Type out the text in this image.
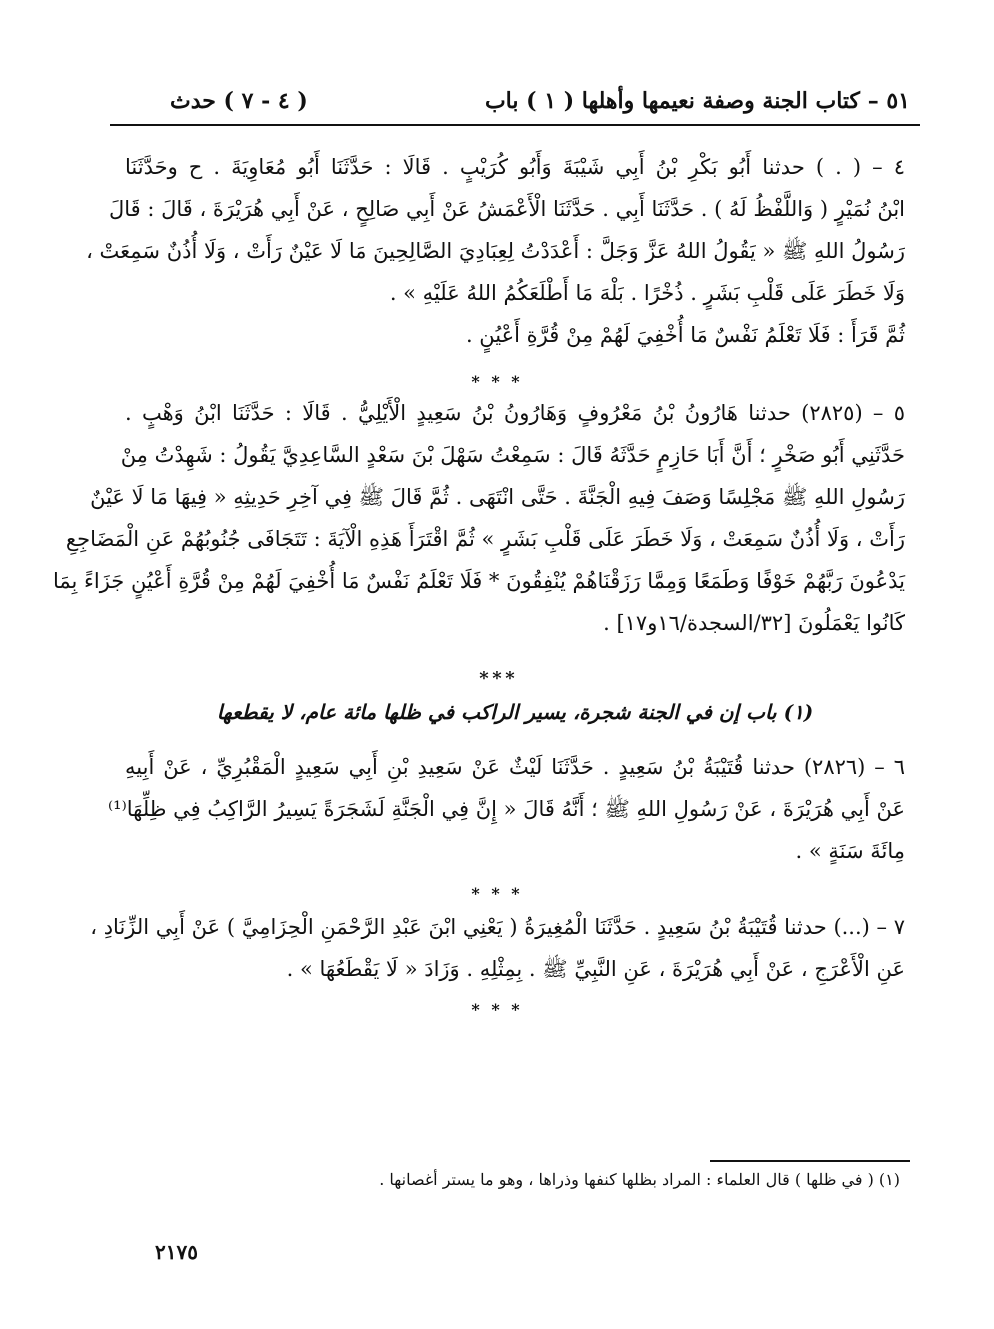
٥١ – كتاب الجنة وصفة نعيمها وأهلها ( ١ ) باب
( ٤ - ٧ ) حدث
٤ – ( . ) حدثنا أَبُو بَكْرِ بْنُ أَبِي شَيْبَةَ وَأَبُو كُرَيْبٍ . قَالَا : حَدَّثَنَا أَبُو مُعَاوِيَةَ . ح وحَدَّثَنَا
ابْنُ نُمَيْرٍ ( وَاللَّفْظُ لَهُ ) . حَدَّثَنَا أَبِي . حَدَّثَنَا الْأَعْمَشُ عَنْ أَبِي صَالِحٍ ، عَنْ أَبِي هُرَيْرَةَ ، قَالَ : قَالَ
رَسُولُ اللهِ ﷺ « يَقُولُ اللهُ عَزَّ وَجَلَّ : أَعْدَدْتُ لِعِبَادِيَ الصَّالِحِينَ مَا لَا عَيْنٌ رَأَتْ ، وَلَا أُذُنٌ سَمِعَتْ ،
وَلَا خَطَرَ عَلَى قَلْبِ بَشَرٍ . ذُخْرًا . بَلْهَ مَا أَطْلَعَكُمُ اللهُ عَلَيْهِ » .
ثُمَّ قَرَأَ : فَلَا تَعْلَمُ نَفْسٌ مَا أُخْفِيَ لَهُمْ مِنْ قُرَّةِ أَعْيُنٍ .
* * *
٥ – (٢٨٢٥) حدثنا هَارُونُ بْنُ مَعْرُوفٍ وَهَارُونُ بْنُ سَعِيدٍ الْأَيْلِيُّ . قَالَا : حَدَّثَنَا ابْنُ وَهْبٍ .
حَدَّثَنِي أَبُو صَخْرٍ ؛ أَنَّ أَبَا حَازِمٍ حَدَّثَهُ قَالَ : سَمِعْتُ سَهْلَ بْنَ سَعْدٍ السَّاعِدِيَّ يَقُولُ : شَهِدْتُ مِنْ
رَسُولِ اللهِ ﷺ مَجْلِسًا وَصَفَ فِيهِ الْجَنَّةَ . حَتَّى انْتَهَى . ثُمَّ قَالَ ﷺ فِي آخِرِ حَدِيثِهِ « فِيهَا مَا لَا عَيْنٌ
رَأَتْ ، وَلَا أُذُنٌ سَمِعَتْ ، وَلَا خَطَرَ عَلَى قَلْبِ بَشَرٍ » ثُمَّ اقْتَرَأَ هَذِهِ الْآيَةَ : تَتَجَافَى جُنُوبُهُمْ عَنِ الْمَضَاجِعِ
يَدْعُونَ رَبَّهُمْ خَوْفًا وَطَمَعًا وَمِمَّا رَزَقْنَاهُمْ يُنْفِقُونَ * فَلَا تَعْلَمُ نَفْسٌ مَا أُخْفِيَ لَهُمْ مِنْ قُرَّةِ أَعْيُنٍ جَزَاءً بِمَا
كَانُوا يَعْمَلُونَ [٣٢/السجدة/١٦و١٧] .
* * *
(١) باب إن في الجنة شجرة، يسير الراكب في ظلها مائة عام، لا يقطعها
٦ – (٢٨٢٦) حدثنا قُتَيْبَةُ بْنُ سَعِيدٍ . حَدَّثَنَا لَيْثٌ عَنْ سَعِيدِ بْنِ أَبِي سَعِيدٍ الْمَقْبُرِيِّ ، عَنْ أَبِيهِ
عَنْ أَبِي هُرَيْرَةَ ، عَنْ رَسُولِ اللهِ ﷺ ؛ أَنَّهُ قَالَ « إِنَّ فِي الْجَنَّةِ لَشَجَرَةً يَسِيرُ الرَّاكِبُ فِي ظِلِّهَا⁽¹⁾
مِائَةَ سَنَةٍ » .
* * *
٧ – (...) حدثنا قُتَيْبَةُ بْنُ سَعِيدٍ . حَدَّثَنَا الْمُغِيرَةُ ( يَعْنِي ابْنَ عَبْدِ الرَّحْمَنِ الْحِزَامِيَّ ) عَنْ أَبِي الزِّنَادِ ،
عَنِ الْأَعْرَجِ ، عَنْ أَبِي هُرَيْرَةَ ، عَنِ النَّبِيِّ ﷺ . بِمِثْلِهِ . وَزَادَ « لَا يَقْطَعُهَا » .
* * *
(١) ( في ظلها ) قال العلماء : المراد بظلها كنفها وذراها ، وهو ما يستر أغصانها .
٢١٧٥
